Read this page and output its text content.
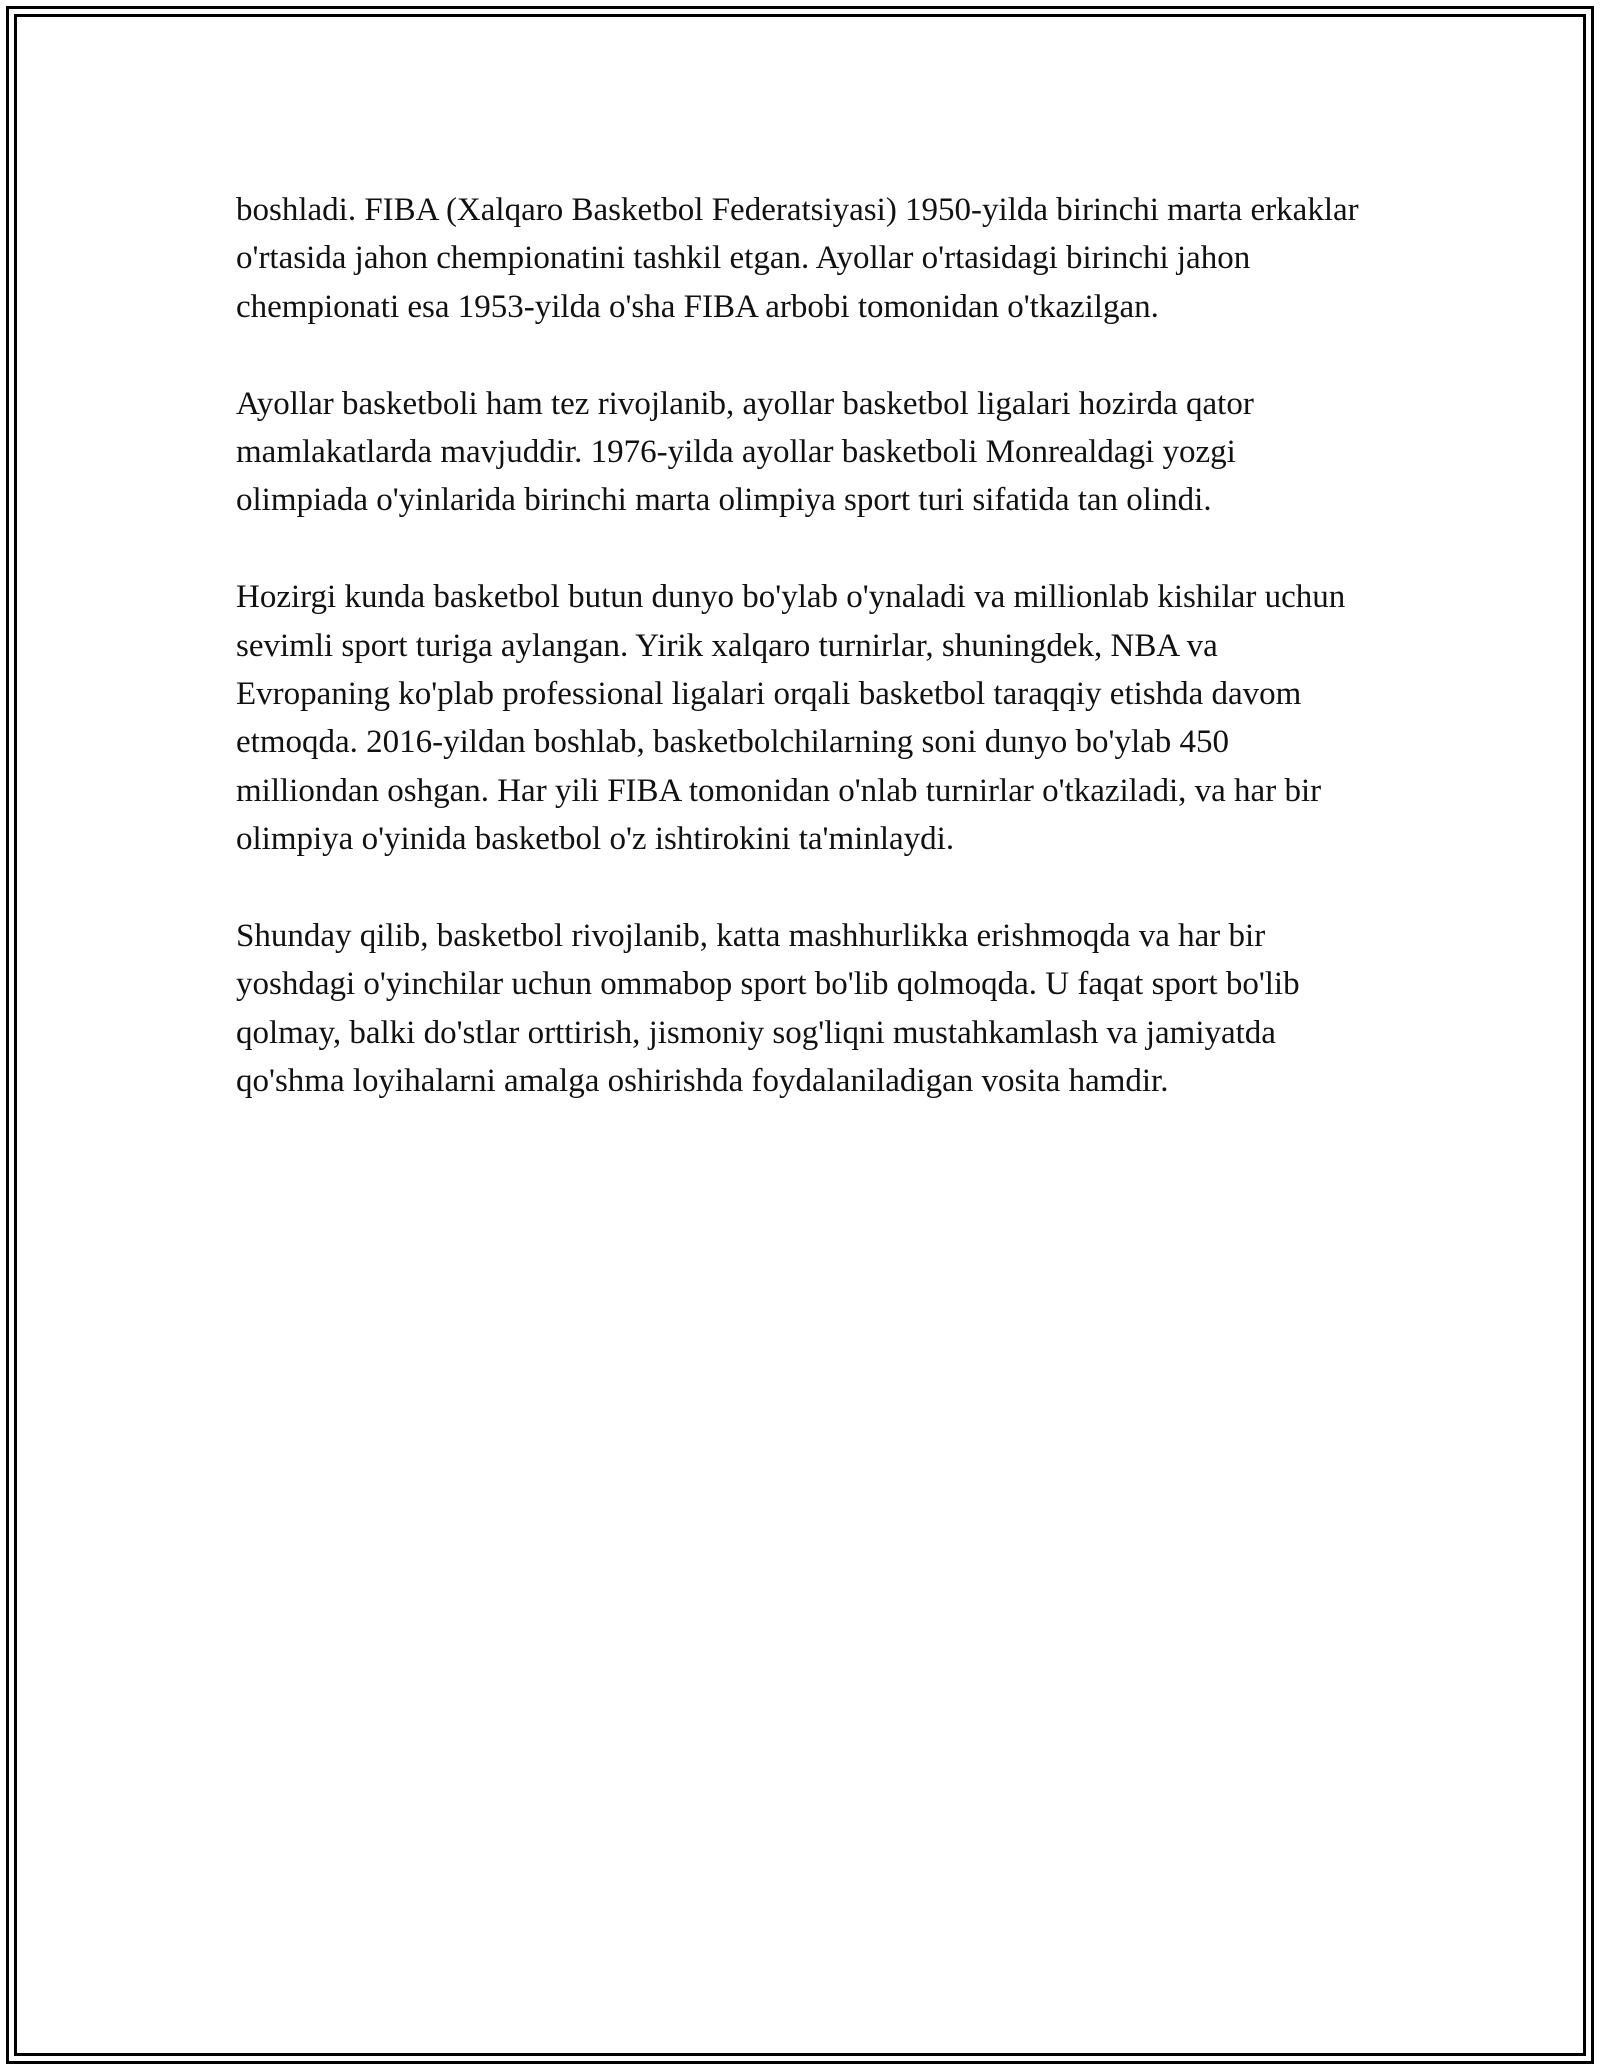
boshladi. FIBA (Xalqaro Basketbol Federatsiyasi) 1950-yilda birinchi marta erkaklar o'rtasida jahon chempionatini tashkil etgan. Ayollar o'rtasidagi birinchi jahon chempionati esa 1953-yilda o'sha FIBA arbobi tomonidan o'tkazilgan.

Ayollar basketboli ham tez rivojlanib, ayollar basketbol ligalari hozirda qator mamlakatlarda mavjuddir. 1976-yilda ayollar basketboli Monrealdagi yozgi olimpiada o'yinlarida birinchi marta olimpiya sport turi sifatida tan olindi.

Hozirgi kunda basketbol butun dunyo bo'ylab o'ynaladi va millionlab kishilar uchun sevimli sport turiga aylangan. Yirik xalqaro turnirlar, shuningdek, NBA va Evropaning ko'plab professional ligalari orqali basketbol taraqqiy etishda davom etmoqda. 2016-yildan boshlab, basketbolchilarning soni dunyo bo'ylab 450 milliondan oshgan. Har yili FIBA tomonidan o'nlab turnirlar o'tkaziladi, va har bir olimpiya o'yinida basketbol o'z ishtirokini ta'minlaydi.

Shunday qilib, basketbol rivojlanib, katta mashhurlikka erishmoqda va har bir yoshdagi o'yinchilar uchun ommabop sport bo'lib qolmoqda. U faqat sport bo'lib qolmay, balki do'stlar orttirish, jismoniy sog'liqni mustahkamlash va jamiyatda qo'shma loyihalarni amalga oshirishda foydalaniladigan vosita hamdir.
